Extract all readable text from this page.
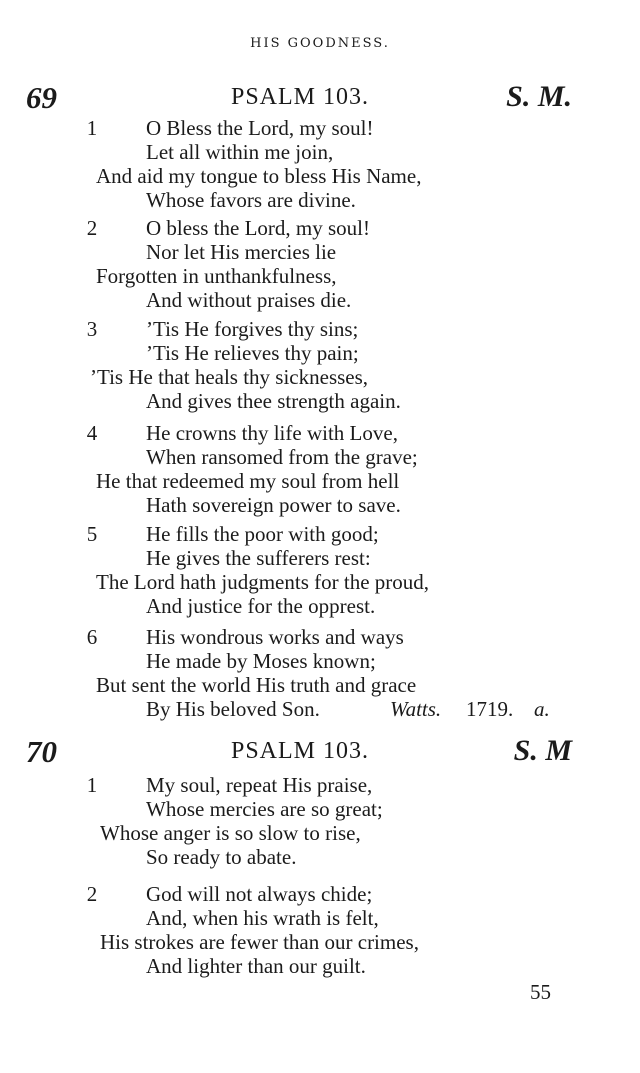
HIS GOODNESS.
69	PSALM 103.	S. M.
1 O Bless the Lord, my soul!
Let all within me join,
And aid my tongue to bless His Name,
Whose favors are divine.
2 O bless the Lord, my soul!
Nor let His mercies lie
Forgotten in unthankfulness,
And without praises die.
3 ’Tis He forgives thy sins;
’Tis He relieves thy pain;
’Tis He that heals thy sicknesses,
And gives thee strength again.
4 He crowns thy life with Love,
When ransomed from the grave;
He that redeemed my soul from hell
Hath sovereign power to save.
5 He fills the poor with good;
He gives the sufferers rest:
The Lord hath judgments for the proud,
And justice for the opprest.
6 His wondrous works and ways
He made by Moses known;
But sent the world His truth and grace
By His beloved Son.	Watts. 1719. a.
70	PSALM 103.	S. M
1 My soul, repeat His praise,
Whose mercies are so great;
Whose anger is so slow to rise,
So ready to abate.
2 God will not always chide;
And, when his wrath is felt,
His strokes are fewer than our crimes,
And lighter than our guilt.
55
